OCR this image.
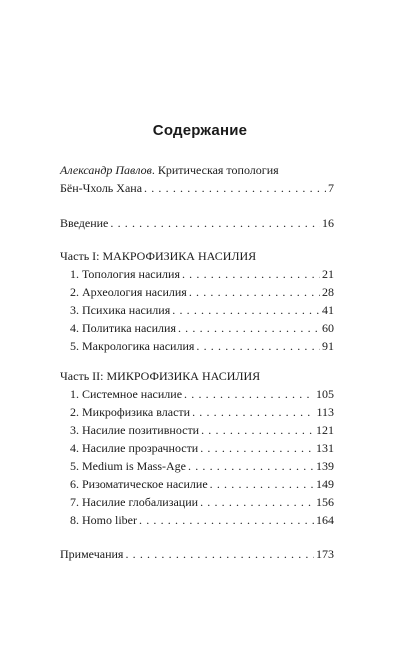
Содержание
Александр Павлов. Критическая топология
Бён-Чхоль Хана . . .	7
Введение . . .	16
Часть I: МАКРОФИЗИКА НАСИЛИЯ
1. Топология насилия . . .	21
2. Археология насилия . . .	28
3. Психика насилия . . .	41
4. Политика насилия . . .	60
5. Макрологика насилия . . .	91
Часть II: МИКРОФИЗИКА НАСИЛИЯ
1. Системное насилие . . .	105
2. Микрофизика власти . . .	113
3. Насилие позитивности . . .	121
4. Насилие прозрачности . . .	131
5. Medium is Mass-Age . . .	139
6. Ризоматическое насилие . . .	149
7. Насилие глобализации . . .	156
8. Homo liber . . .	164
Примечания . . .	173
